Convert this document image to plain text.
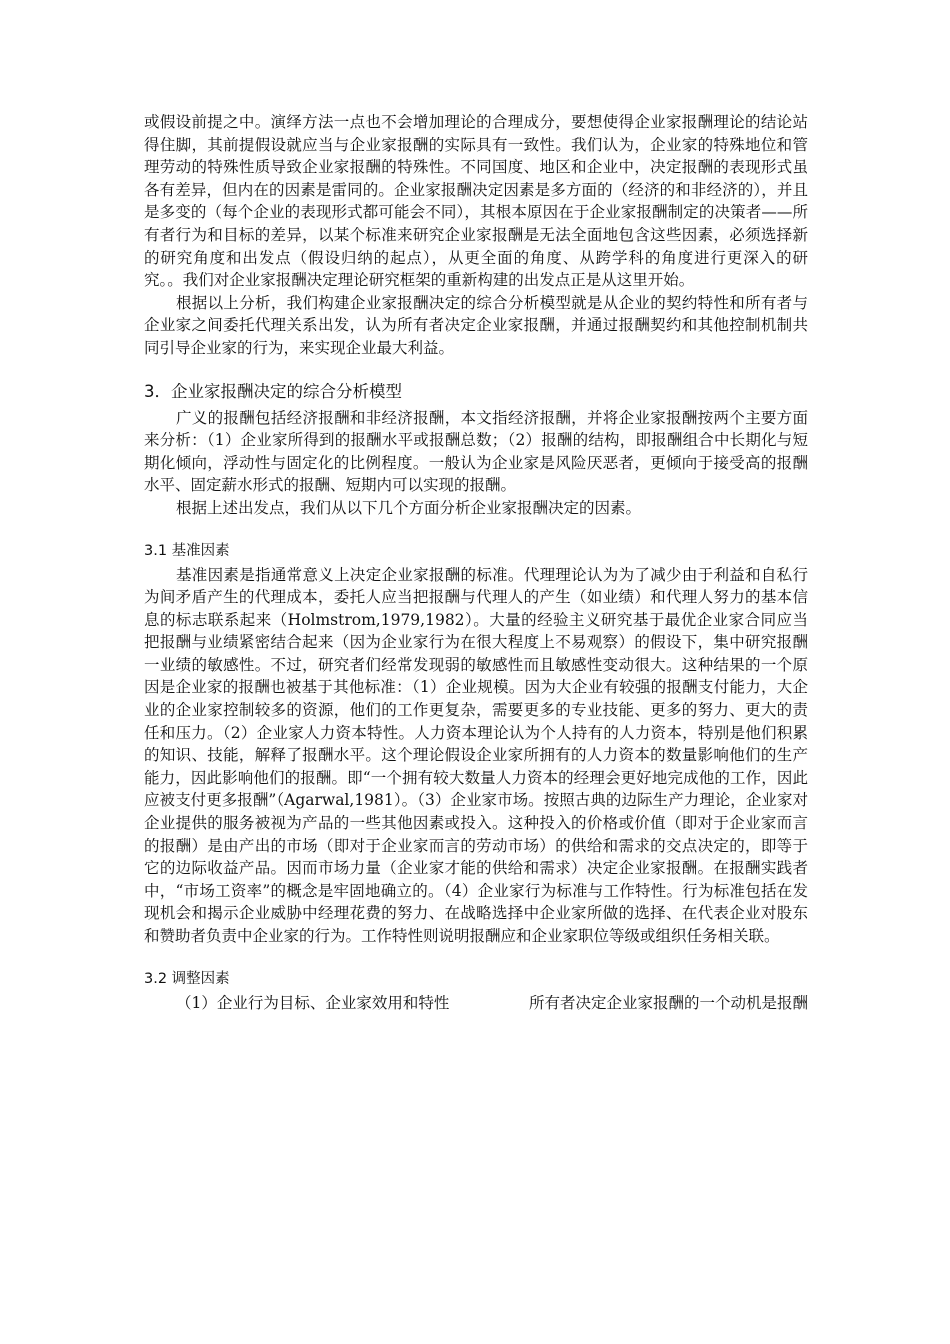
或假设前提之中。演绎方法一点也不会增加理论的合理成分，要想使得企业家报酬理论的结论站得住脚，其前提假设就应当与企业家报酬的实际具有一致性。我们认为，企业家的特殊地位和管理劳动的特殊性质导致企业家报酬的特殊性。不同国度、地区和企业中，决定报酬的表现形式虽各有差异，但内在的因素是雷同的。企业家报酬决定因素是多方面的（经济的和非经济的），并且是多变的（每个企业的表现形式都可能会不同），其根本原因在于企业家报酬制定的决策者——所有者行为和目标的差异，以某个标准来研究企业家报酬是无法全面地包含这些因素，必须选择新的研究角度和出发点（假设归纳的起点），从更全面的角度、从跨学科的角度进行更深入的研究。。我们对企业家报酬决定理论研究框架的重新构建的出发点正是从这里开始。

根据以上分析，我们构建企业家报酬决定的综合分析模型就是从企业的契约特性和所有者与企业家之间委托代理关系出发，认为所有者决定企业家报酬，并通过报酬契约和其他控制机制共同引导企业家的行为，来实现企业最大利益。

3．企业家报酬决定的综合分析模型

广义的报酬包括经济报酬和非经济报酬，本文指经济报酬，并将企业家报酬按两个主要方面来分析：（1）企业家所得到的报酬水平或报酬总数；（2）报酬的结构，即报酬组合中长期化与短期化倾向，浮动性与固定化的比例程度。一般认为企业家是风险厌恶者，更倾向于接受高的报酬水平、固定薪水形式的报酬、短期内可以实现的报酬。

根据上述出发点，我们从以下几个方面分析企业家报酬决定的因素。

3.1 基准因素

基准因素是指通常意义上决定企业家报酬的标准。代理理论认为为了减少由于利益和自私行为间矛盾产生的代理成本，委托人应当把报酬与代理人的产生（如业绩）和代理人努力的基本信息的标志联系起来（Holmstrom,1979,1982）。大量的经验主义研究基于最优企业家合同应当把报酬与业绩紧密结合起来（因为企业家行为在很大程度上不易观察）的假设下，集中研究报酬一业绩的敏感性。不过，研究者们经常发现弱的敏感性而且敏感性变动很大。这种结果的一个原因是企业家的报酬也被基于其他标准：（1）企业规模。因为大企业有较强的报酬支付能力，大企业的企业家控制较多的资源，他们的工作更复杂，需要更多的专业技能、更多的努力、更大的责任和压力。（2）企业家人力资本特性。人力资本理论认为个人持有的人力资本，特别是他们积累的知识、技能，解释了报酬水平。这个理论假设企业家所拥有的人力资本的数量影响他们的生产能力，因此影响他们的报酬。即“一个拥有较大数量人力资本的经理会更好地完成他的工作，因此应被支付更多报酬”（Agarwal,1981）。（3）企业家市场。按照古典的边际生产力理论，企业家对企业提供的服务被视为产品的一些其他因素或投入。这种投入的价格或价值（即对于企业家而言的报酬）是由产出的市场（即对于企业家而言的劳动市场）的供给和需求的交点决定的，即等于它的边际收益产品。因而市场力量（企业家才能的供给和需求）决定企业家报酬。在报酬实践者中，“市场工资率”的概念是牢固地确立的。（4）企业家行为标准与工作特性。行为标准包括在发现机会和揭示企业威胁中经理花费的努力、在战略选择中企业家所做的选择、在代表企业对股东和赞助者负责中企业家的行为。工作特性则说明报酬应和企业家职位等级或组织任务相关联。

3.2 调整因素
（1）企业行为目标、企业家效用和特性	所有者决定企业家报酬的一个动机是报酬
